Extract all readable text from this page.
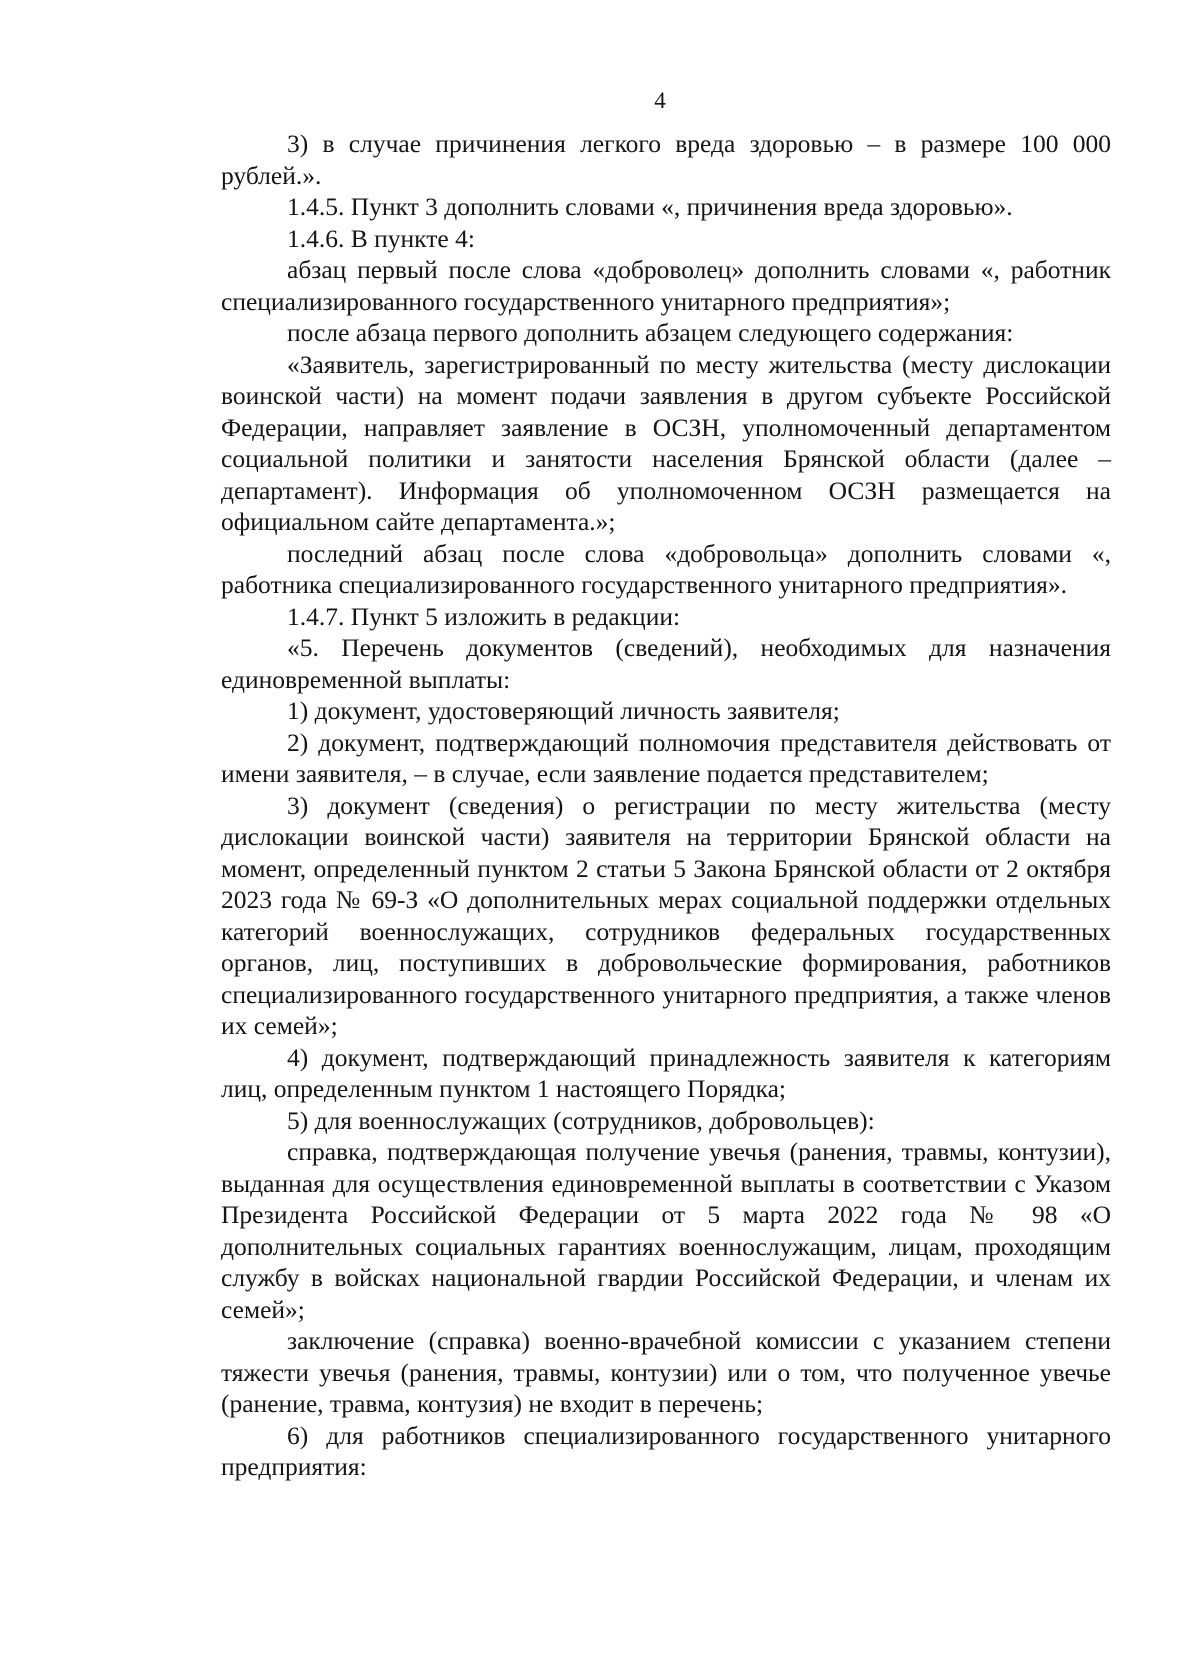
4

3) в случае причинения легкого вреда здоровью – в размере 100 000 рублей.».

1.4.5. Пункт 3 дополнить словами «, причинения вреда здоровью».

1.4.6. В пункте 4:

абзац первый после слова «доброволец» дополнить словами «, работник специализированного государственного унитарного предприятия»;

после абзаца первого дополнить абзацем следующего содержания:

«Заявитель, зарегистрированный по месту жительства (месту дислокации воинской части) на момент подачи заявления в другом субъекте Российской Федерации, направляет заявление в ОСЗН, уполномоченный департаментом социальной политики и занятости населения Брянской области (далее – департамент). Информация об уполномоченном ОСЗН размещается на официальном сайте департамента.»;

последний абзац после слова «добровольца» дополнить словами «, работника специализированного государственного унитарного предприятия».

1.4.7. Пункт 5 изложить в редакции:

«5. Перечень документов (сведений), необходимых для назначения единовременной выплаты:

1) документ, удостоверяющий личность заявителя;

2) документ, подтверждающий полномочия представителя действовать от имени заявителя, – в случае, если заявление подается представителем;

3) документ (сведения) о регистрации по месту жительства (месту дислокации воинской части) заявителя на территории Брянской области на момент, определенный пунктом 2 статьи 5 Закона Брянской области от 2 октября 2023 года № 69-З «О дополнительных мерах социальной поддержки отдельных категорий военнослужащих, сотрудников федеральных государственных органов, лиц, поступивших в добровольческие формирования, работников специализированного государственного унитарного предприятия, а также членов их семей»;

4) документ, подтверждающий принадлежность заявителя к категориям лиц, определенным пунктом 1 настоящего Порядка;

5) для военнослужащих (сотрудников, добровольцев):

справка, подтверждающая получение увечья (ранения, травмы, контузии), выданная для осуществления единовременной выплаты в соответствии с Указом Президента Российской Федерации от 5 марта 2022 года № 98 «О дополнительных социальных гарантиях военнослужащим, лицам, проходящим службу в войсках национальной гвардии Российской Федерации, и членам их семей»;

заключение (справка) военно-врачебной комиссии с указанием степени тяжести увечья (ранения, травмы, контузии) или о том, что полученное увечье (ранение, травма, контузия) не входит в перечень;

6) для работников специализированного государственного унитарного предприятия:
